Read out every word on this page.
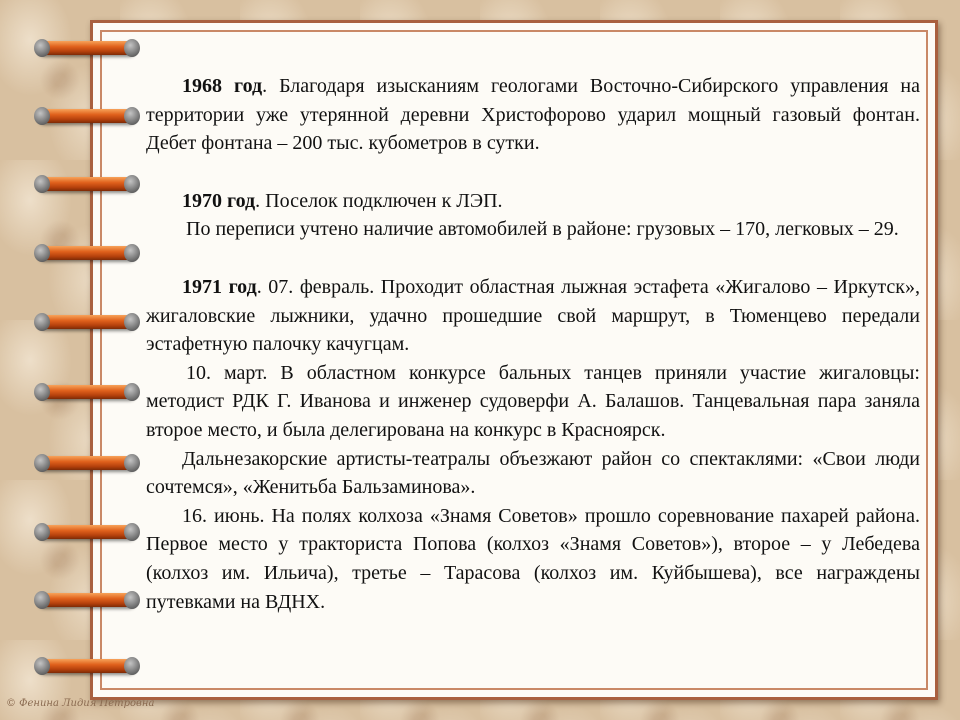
1968 год. Благодаря изысканиям геологами Восточно-Сибирского управления на территории уже утерянной деревни Христофорово ударил мощный газовый фонтан. Дебет фонтана – 200 тыс. кубометров в сутки.

1970 год. Поселок подключен к ЛЭП.

По переписи учтено наличие автомобилей в районе: грузовых – 170, легковых – 29.

1971 год. 07. февраль. Проходит областная лыжная эстафета «Жигалово – Иркутск», жигаловские лыжники, удачно прошедшие свой маршрут, в Тюменцево передали эстафетную палочку качугцам.

10. март. В областном конкурсе бальных танцев приняли участие жигаловцы: методист РДК Г. Иванова и инженер судоверфи А. Балашов. Танцевальная пара заняла второе место, и была делегирована на конкурс в Красноярск.

Дальнезакорские артисты-театралы объезжают район со спектаклями: «Свои люди сочтемся», «Женитьба Бальзаминова».

16. июнь. На полях колхоза «Знамя Советов» прошло соревнование пахарей района. Первое место у тракториста Попова (колхоз «Знамя Советов»), второе – у Лебедева (колхоз им. Ильича), третье – Тарасова (колхоз им. Куйбышева), все награждены путевками на ВДНХ.

© Фенина Лидия Петровна
